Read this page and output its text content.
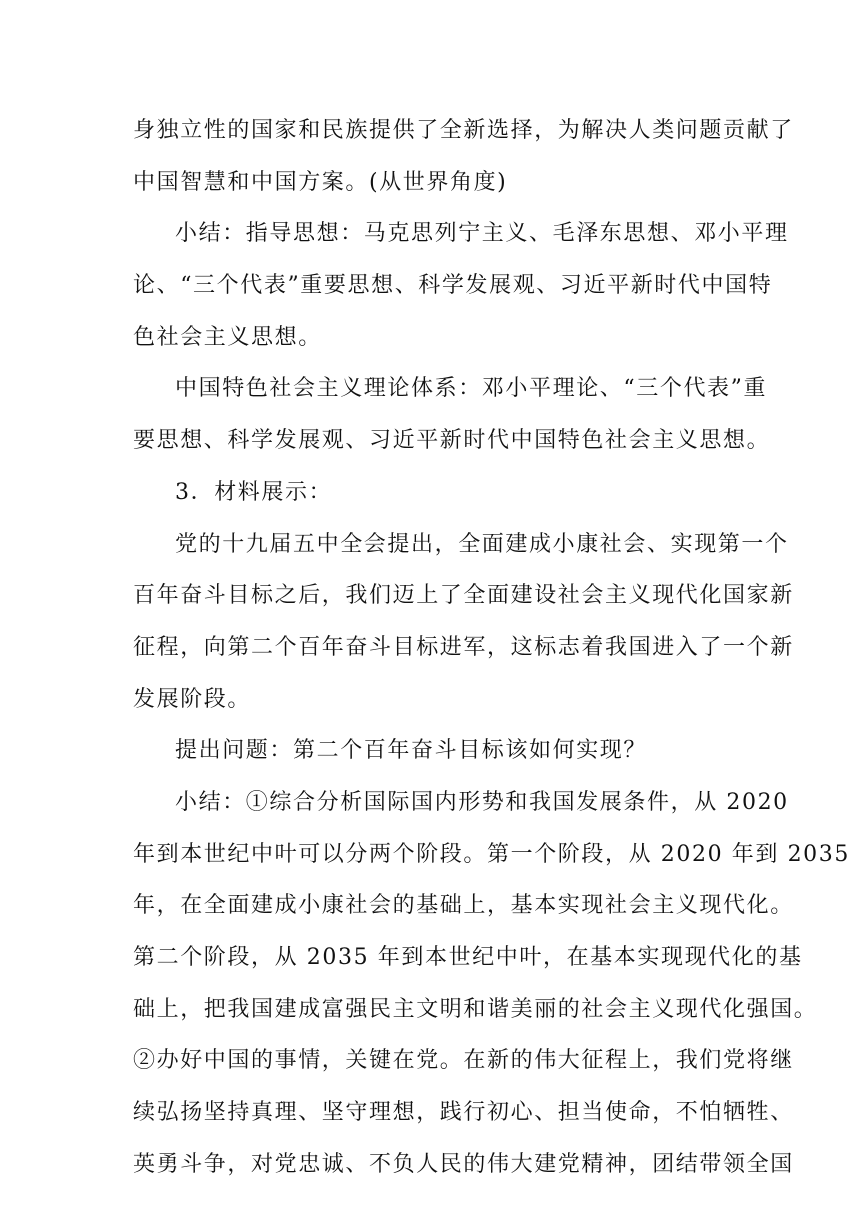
身独立性的国家和民族提供了全新选择，为解决人类问题贡献了
中国智慧和中国方案。(从世界角度)
小结：指导思想：马克思列宁主义、毛泽东思想、邓小平理
论、“三个代表”重要思想、科学发展观、习近平新时代中国特
色社会主义思想。
中国特色社会主义理论体系：邓小平理论、“三个代表”重
要思想、科学发展观、习近平新时代中国特色社会主义思想。
3．材料展示：
党的十九届五中全会提出，全面建成小康社会、实现第一个
百年奋斗目标之后，我们迈上了全面建设社会主义现代化国家新
征程，向第二个百年奋斗目标进军，这标志着我国进入了一个新
发展阶段。
提出问题：第二个百年奋斗目标该如何实现？
小结：①综合分析国际国内形势和我国发展条件，从 2020
年到本世纪中叶可以分两个阶段。第一个阶段，从 2020 年到 2035
年，在全面建成小康社会的基础上，基本实现社会主义现代化。
第二个阶段，从 2035 年到本世纪中叶，在基本实现现代化的基
础上，把我国建成富强民主文明和谐美丽的社会主义现代化强国。
②办好中国的事情，关键在党。在新的伟大征程上，我们党将继
续弘扬坚持真理、坚守理想，践行初心、担当使命，不怕牺牲、
英勇斗争，对党忠诚、不负人民的伟大建党精神，团结带领全国
